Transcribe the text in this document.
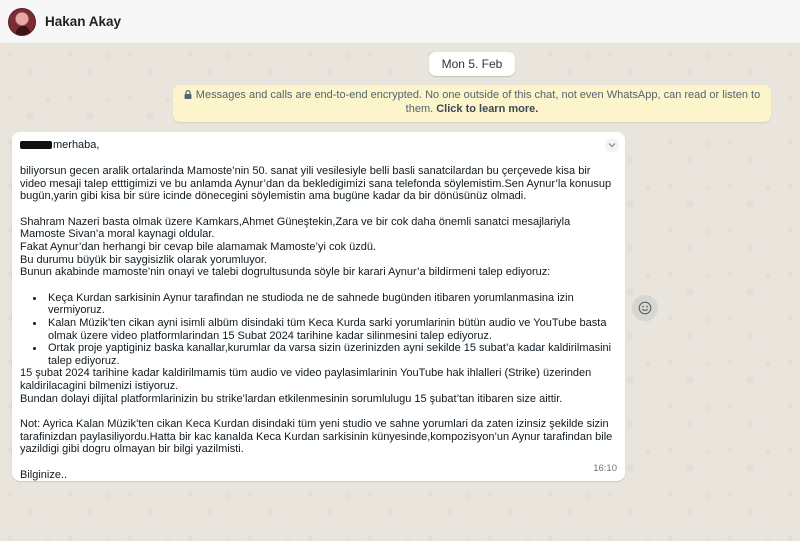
Hakan Akay
Mon 5. Feb
Messages and calls are end-to-end encrypted. No one outside of this chat, not even WhatsApp, can read or listen to them. Click to learn more.
merhaba,
biliyorsun gecen aralik ortalarinda Mamoste’nin 50. sanat yili vesilesiyle belli basli sanatcilardan bu çerçevede kisa bir video mesaji talep etttigimizi ve bu anlamda Aynur’dan da bekledigimizi sana telefonda söylemistim.Sen Aynur’la konusup bugün,yarin gibi kisa bir süre icinde dönecegini söylemistin ama bugüne kadar da bir dönüsünüz olmadi.
Shahram Nazeri basta olmak üzere Kamkars,Ahmet Güneştekin,Zara ve bir cok daha önemli sanatci mesajlariyla Mamoste Sivan’a moral kaynagi oldular.
Fakat Aynur’dan herhangi bir cevap bile alamamak Mamoste’yi cok üzdü.
Bu durumu büyük bir saygisizlik olarak yorumluyor.
Bunun akabinde mamoste’nin onayi ve talebi dogrultusunda söyle bir karari Aynur’a bildirmeni talep ediyoruz:
Keça Kurdan sarkisinin Aynur tarafindan ne studioda ne de sahnede bugünden itibaren yorumlanmasina izin vermiyoruz.
Kalan Müzik’ten cikan ayni isimli albüm disindaki tüm Keca Kurda sarki yorumlarinin bütün audio ve YouTube basta olmak üzere video platformlarindan 15 Subat 2024 tarihine kadar silinmesini talep ediyoruz.
Ortak proje yaptiginiz baska kanallar,kurumlar da varsa sizin üzerinizden ayni sekilde 15 subat’a kadar kaldirilmasini talep ediyoruz.
15 şubat 2024 tarihine kadar kaldirilmamis tüm audio ve video paylasimlarinin YouTube hak ihlalleri (Strike) üzerinden kaldirilacagini bilmenizi istiyoruz.
Bundan dolayi dijital platformlarinizin bu strike’lardan etkilenmesinin sorumlulugu 15 şubat’tan itibaren size aittir.
Not: Ayrica Kalan Müzik’ten cikan Keca Kurdan disindaki tüm yeni studio ve sahne yorumlari da zaten izinsiz şekilde sizin tarafinizdan paylasiliyordu.Hatta bir kac kanalda Keca Kurdan sarkisinin künyesinde,kompozisyon’un Aynur tarafindan bile yazildigi gibi dogru olmayan bir bilgi yazilmisti.
Bilginize..	16:10
